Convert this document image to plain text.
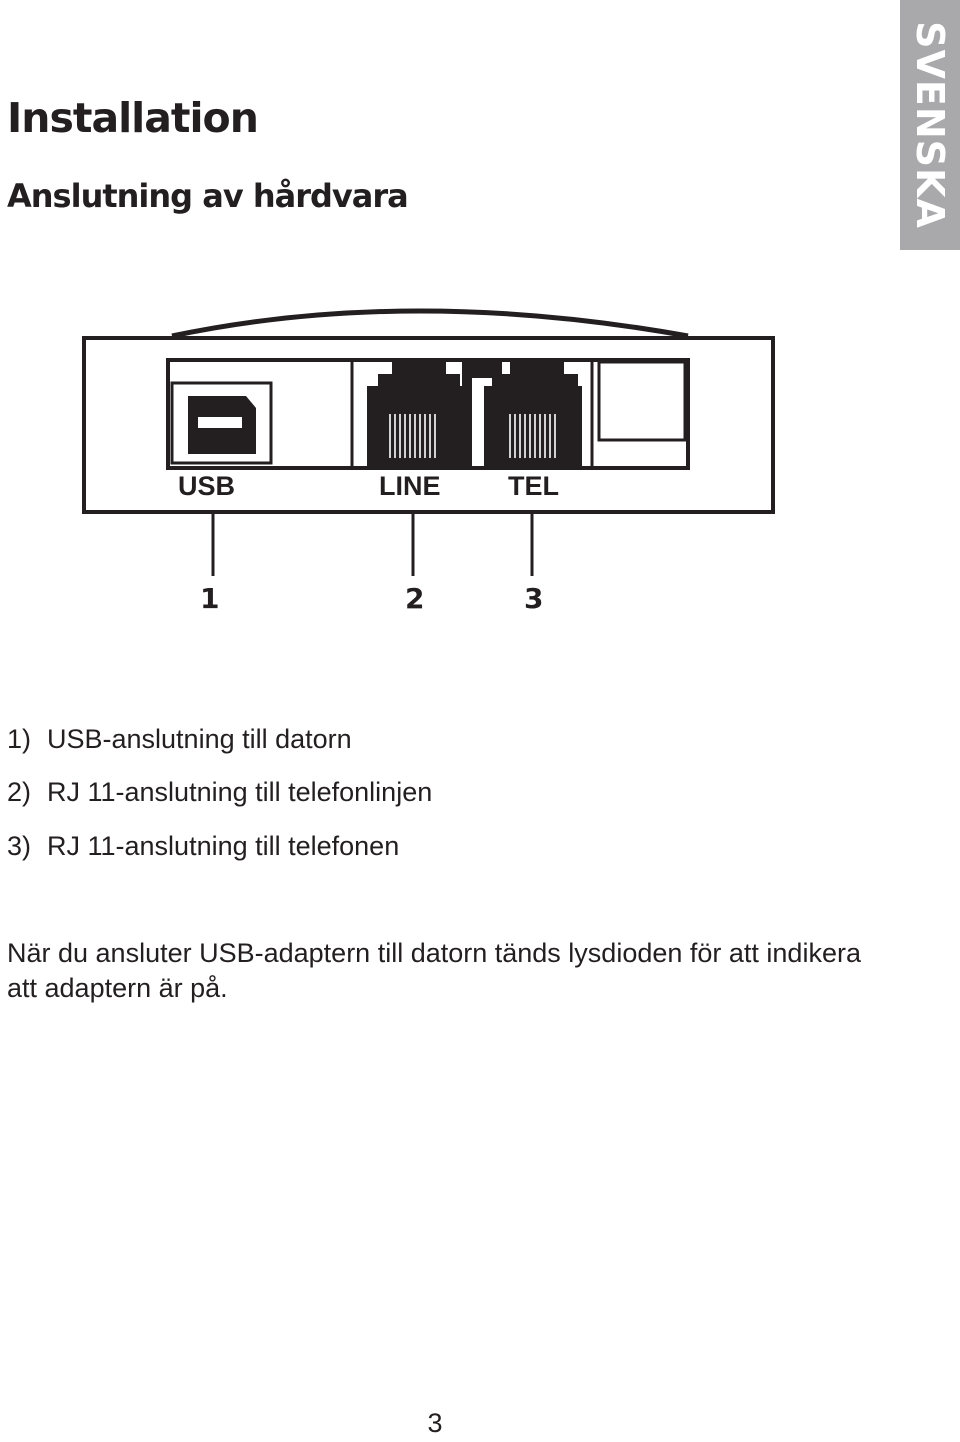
SVENSKA
Installation
Anslutning av hårdvara
USB	LINE TEL
1	2	3
1) USB-anslutning till datorn
2) RJ 11-anslutning till telefonlinjen
3) RJ 11-anslutning till telefonen

När du ansluter USB-adaptern till datorn tänds lysdioden för att indikera att adaptern är på.

3
